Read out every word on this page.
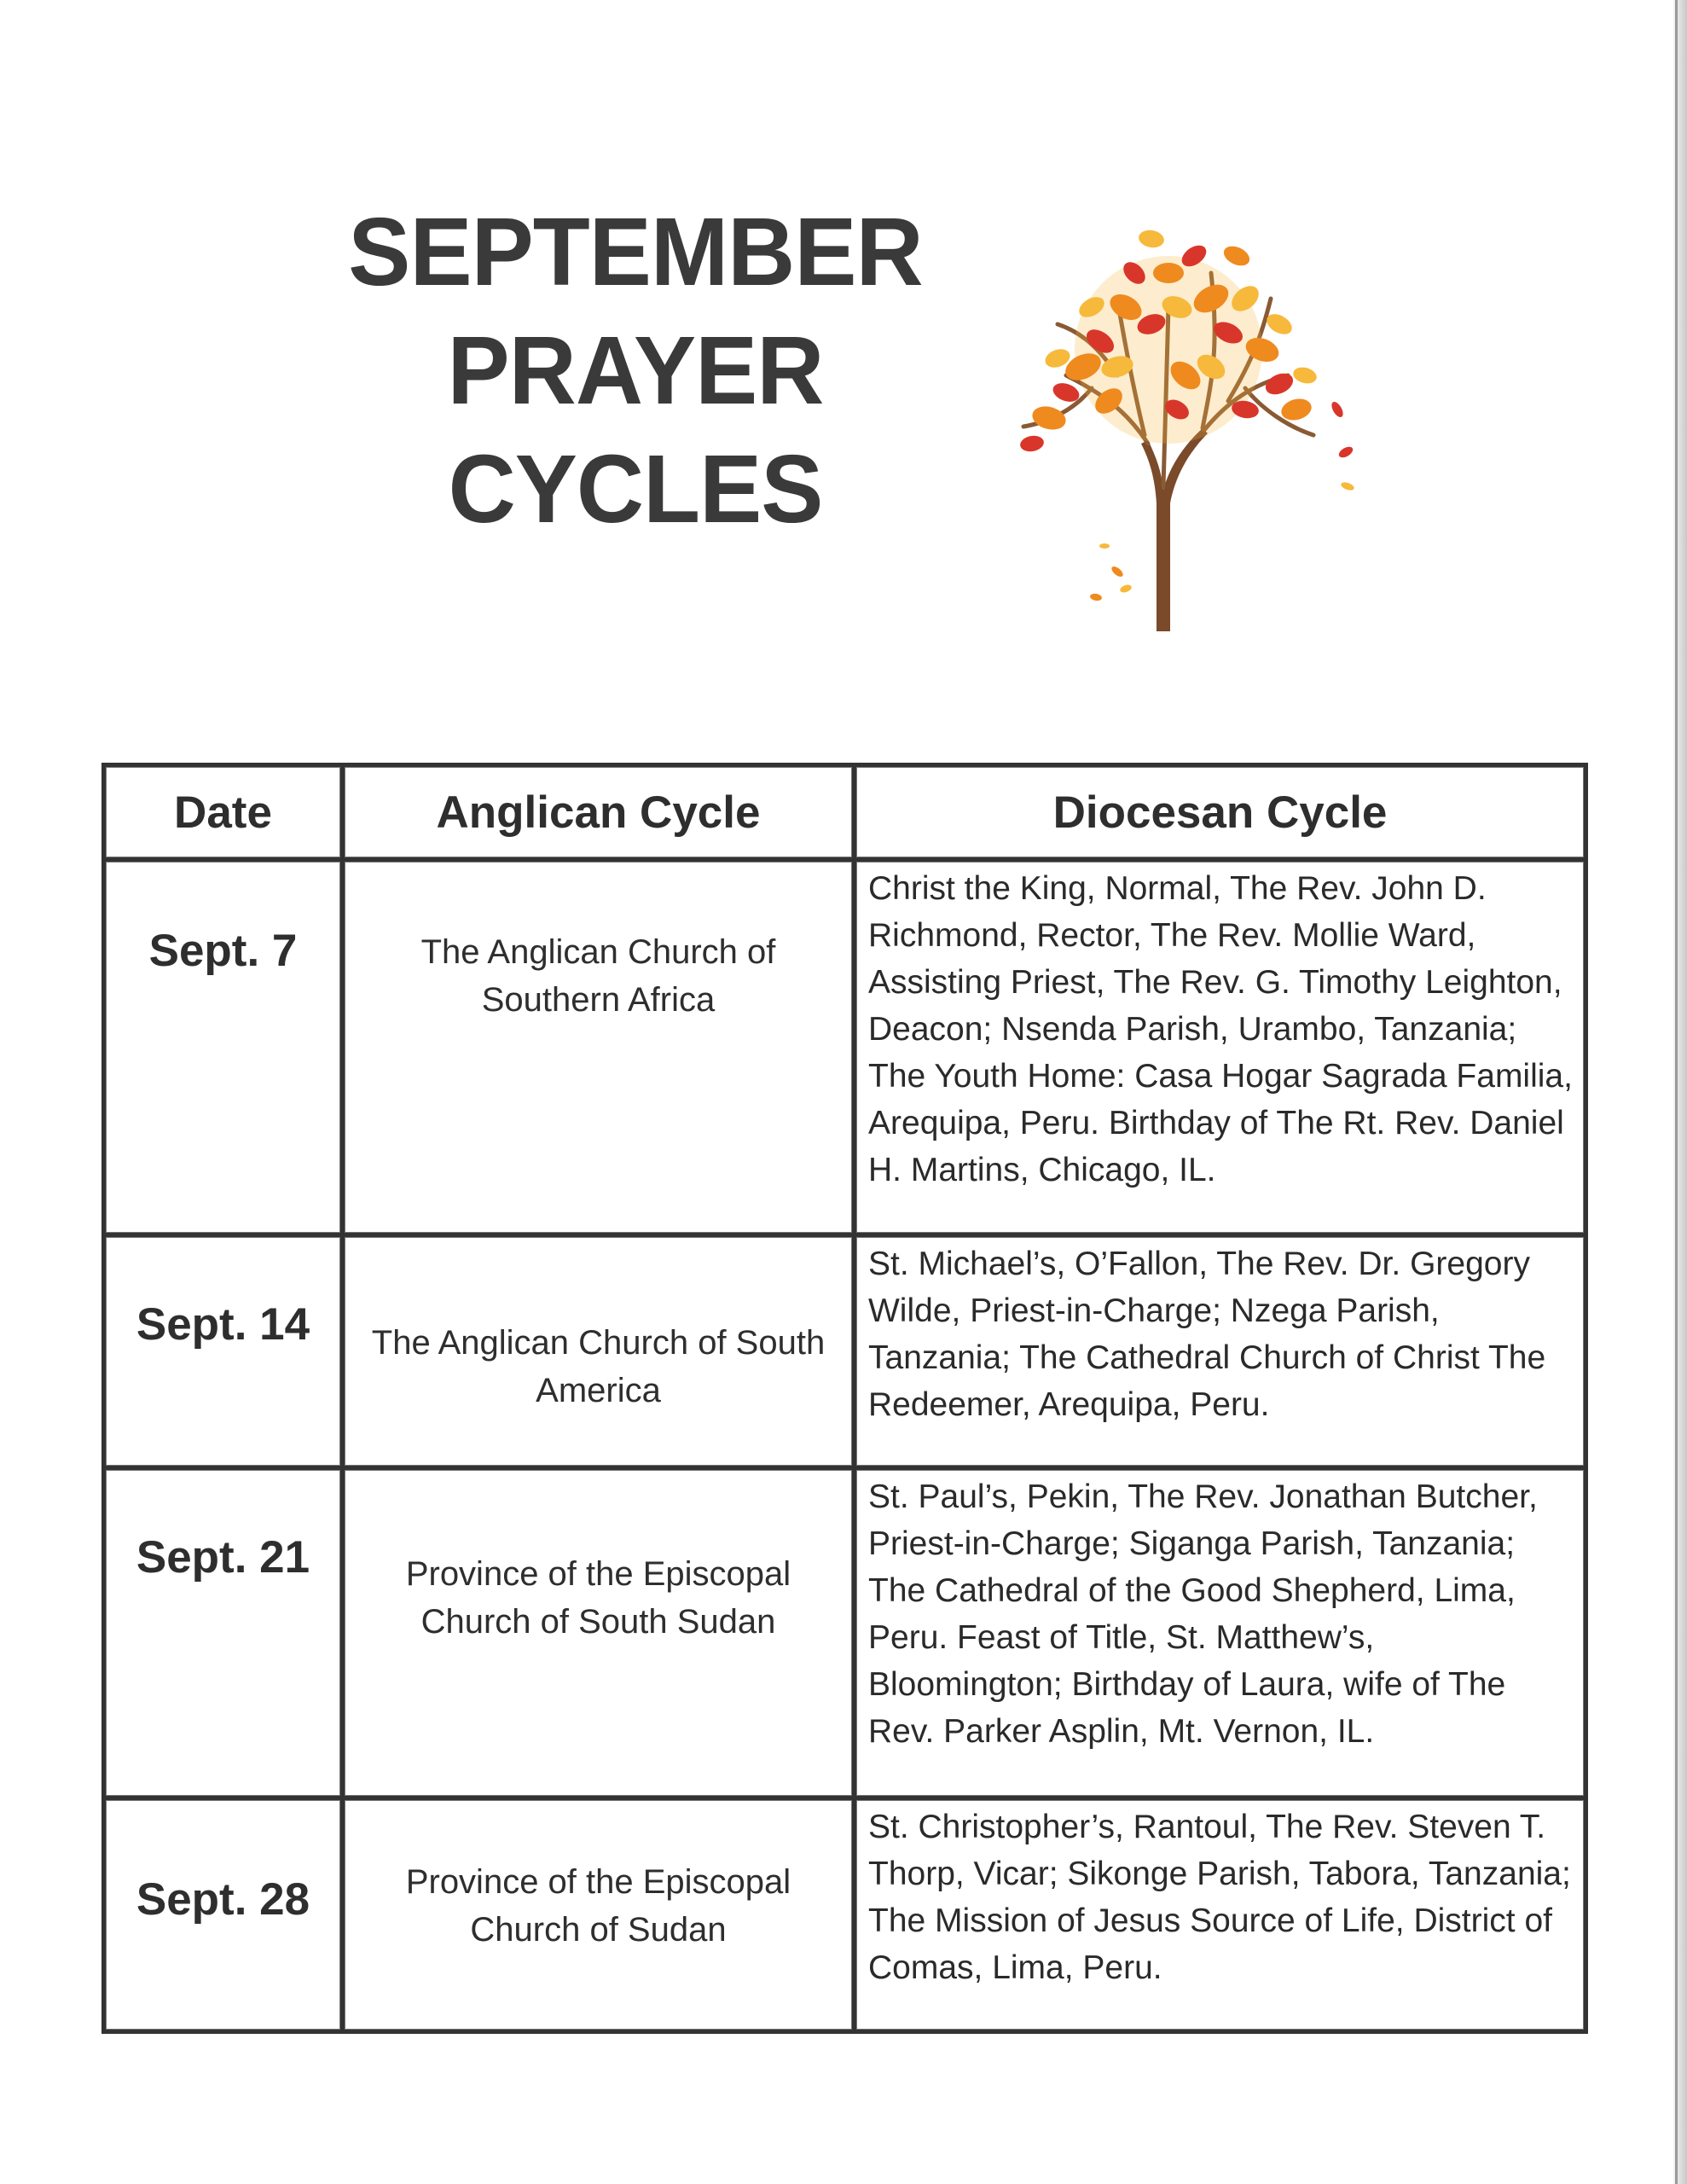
SEPTEMBER
PRAYER
CYCLES
Date	Anglican Cycle	Diocesan Cycle
Sept. 7	The Anglican Church of Southern Africa	Christ the King, Normal, The Rev. John D. Richmond, Rector, The Rev. Mollie Ward, Assisting Priest, The Rev. G. Timothy Leighton, Deacon; Nsenda Parish, Urambo, Tanzania; The Youth Home: Casa Hogar Sagrada Familia, Arequipa, Peru. Birthday of The Rt. Rev. Daniel H. Martins, Chicago, IL.
Sept. 14	The Anglican Church of South America	St. Michael’s, O’Fallon, The Rev. Dr. Gregory Wilde, Priest-in-Charge; Nzega Parish, Tanzania; The Cathedral Church of Christ The Redeemer, Arequipa, Peru.
Sept. 21	Province of the Episcopal Church of South Sudan	St. Paul’s, Pekin, The Rev. Jonathan Butcher, Priest-in-Charge; Siganga Parish, Tanzania; The Cathedral of the Good Shepherd, Lima, Peru. Feast of Title, St. Matthew’s, Bloomington; Birthday of Laura, wife of The Rev. Parker Asplin, Mt. Vernon, IL.
Sept. 28	Province of the Episcopal Church of Sudan	St. Christopher’s, Rantoul, The Rev. Steven T. Thorp, Vicar; Sikonge Parish, Tabora, Tanzania; The Mission of Jesus Source of Life, District of Comas, Lima, Peru.
